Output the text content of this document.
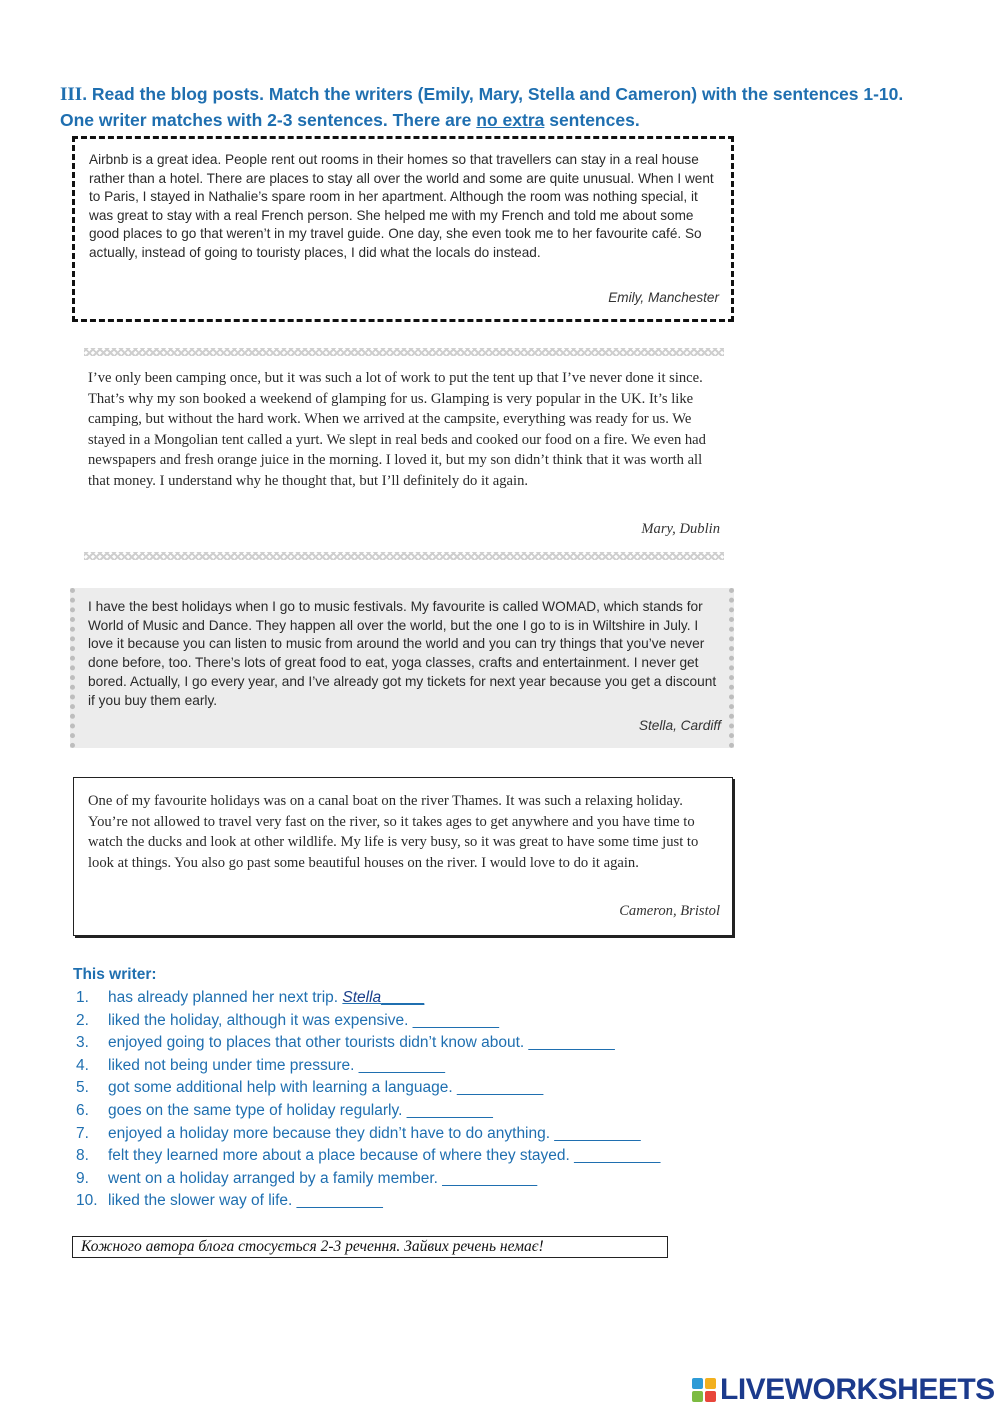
III. Read the blog posts. Match the writers (Emily, Mary, Stella and Cameron) with the sentences 1-10. One writer matches with 2-3 sentences. There are no extra sentences.

Airbnb is a great idea. People rent out rooms in their homes so that travellers can stay in a real house rather than a hotel. There are places to stay all over the world and some are quite unusual. When I went to Paris, I stayed in Nathalie’s spare room in her apartment. Although the room was nothing special, it was great to stay with a real French person. She helped me with my French and told me about some good places to go that weren’t in my travel guide. One day, she even took me to her favourite café. So actually, instead of going to touristy places, I did what the locals do instead.

Emily, Manchester

I’ve only been camping once, but it was such a lot of work to put the tent up that I’ve never done it since. That’s why my son booked a weekend of glamping for us. Glamping is very popular in the UK. It’s like camping, but without the hard work. When we arrived at the campsite, everything was ready for us. We stayed in a Mongolian tent called a yurt. We slept in real beds and cooked our food on a fire. We even had newspapers and fresh orange juice in the morning. I loved it, but my son didn’t think that it was worth all that money. I understand why he thought that, but I’ll definitely do it again.

Mary, Dublin

I have the best holidays when I go to music festivals. My favourite is called WOMAD, which stands for World of Music and Dance. They happen all over the world, but the one I go to is in Wiltshire in July. I love it because you can listen to music from around the world and you can try things that you’ve never done before, too. There’s lots of great food to eat, yoga classes, crafts and entertainment. I never get bored. Actually, I go every year, and I’ve already got my tickets for next year because you get a discount if you buy them early.

Stella, Cardiff

One of my favourite holidays was on a canal boat on the river Thames. It was such a relaxing holiday. You’re not allowed to travel very fast on the river, so it takes ages to get anywhere and you have time to watch the ducks and look at other wildlife. My life is very busy, so it was great to have some time just to look at things. You also go past some beautiful houses on the river. I would love to do it again.

Cameron, Bristol
This writer:
1. has already planned her next trip. Stella_____
2. liked the holiday, although it was expensive. __________
3. enjoyed going to places that other tourists didn’t know about. __________
4. liked not being under time pressure. __________
5. got some additional help with learning a language. __________
6. goes on the same type of holiday regularly. __________
7. enjoyed a holiday more because they didn’t have to do anything. __________
8. felt they learned more about a place because of where they stayed. __________
9. went on a holiday arranged by a family member. ___________
10. liked the slower way of life. __________
Кожного автора блога стосується 2-3 речення. Зайвих речень немає!
LIVEWORKSHEETS
